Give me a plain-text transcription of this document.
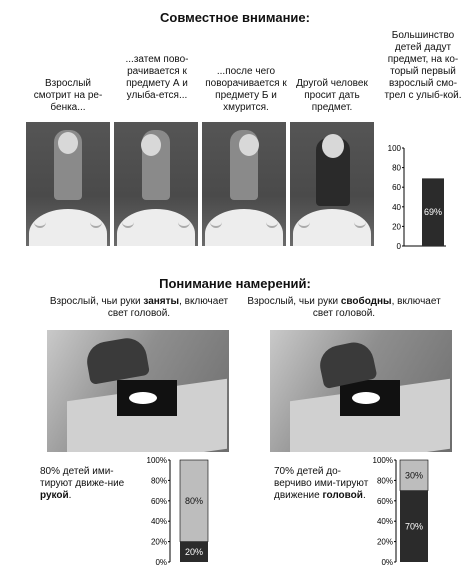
Совместное внимание:
Взрослый смотрит на ре-бенка...
...затем пово-рачивается к предмету А и улыба-ется...
...после чего поворачивается к предмету Б и хмурится.
Другой человек просит дать предмет.
Большинство детей дадут предмет, на ко-торый первый взрослый смо-трел с улыб-кой.
100
80
60
40
20
0
69%
Понимание намерений:
Взрослый, чьи руки заняты, включает свет головой.
80% детей ими-тируют движе-ние рукой.
100%
80%
60%
40%
20%
0%
80%
20%
Взрослый, чьи руки свободны, включает свет головой.
70% детей до-верчиво ими-тируют движение головой.
100%
80%
60%
40%
20%
0%
30%
70%
